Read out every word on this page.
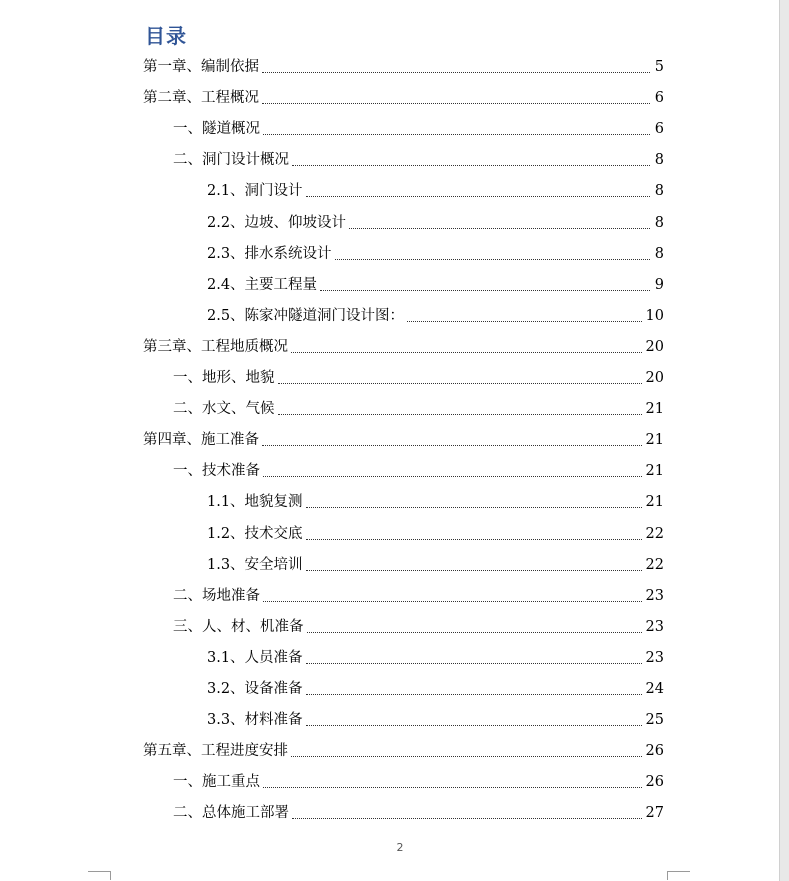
目录
第一章、编制依据	5
第二章、工程概况	6
一、隧道概况	6
二、洞门设计概况	8
2.1、洞门设计	8
2.2、边坡、仰坡设计	8
2.3、排水系统设计	8
2.4、主要工程量	9
2.5、陈家冲隧道洞门设计图：	10
第三章、工程地质概况	20
一、地形、地貌	20
二、水文、气候	21
第四章、施工准备	21
一、技术准备	21
1.1、地貌复测	21
1.2、技术交底	22
1.3、安全培训	22
二、场地准备	23
三、人、材、机准备	23
3.1、人员准备	23
3.2、设备准备	24
3.3、材料准备	25
第五章、工程进度安排	26
一、施工重点	26
二、总体施工部署	27
2
